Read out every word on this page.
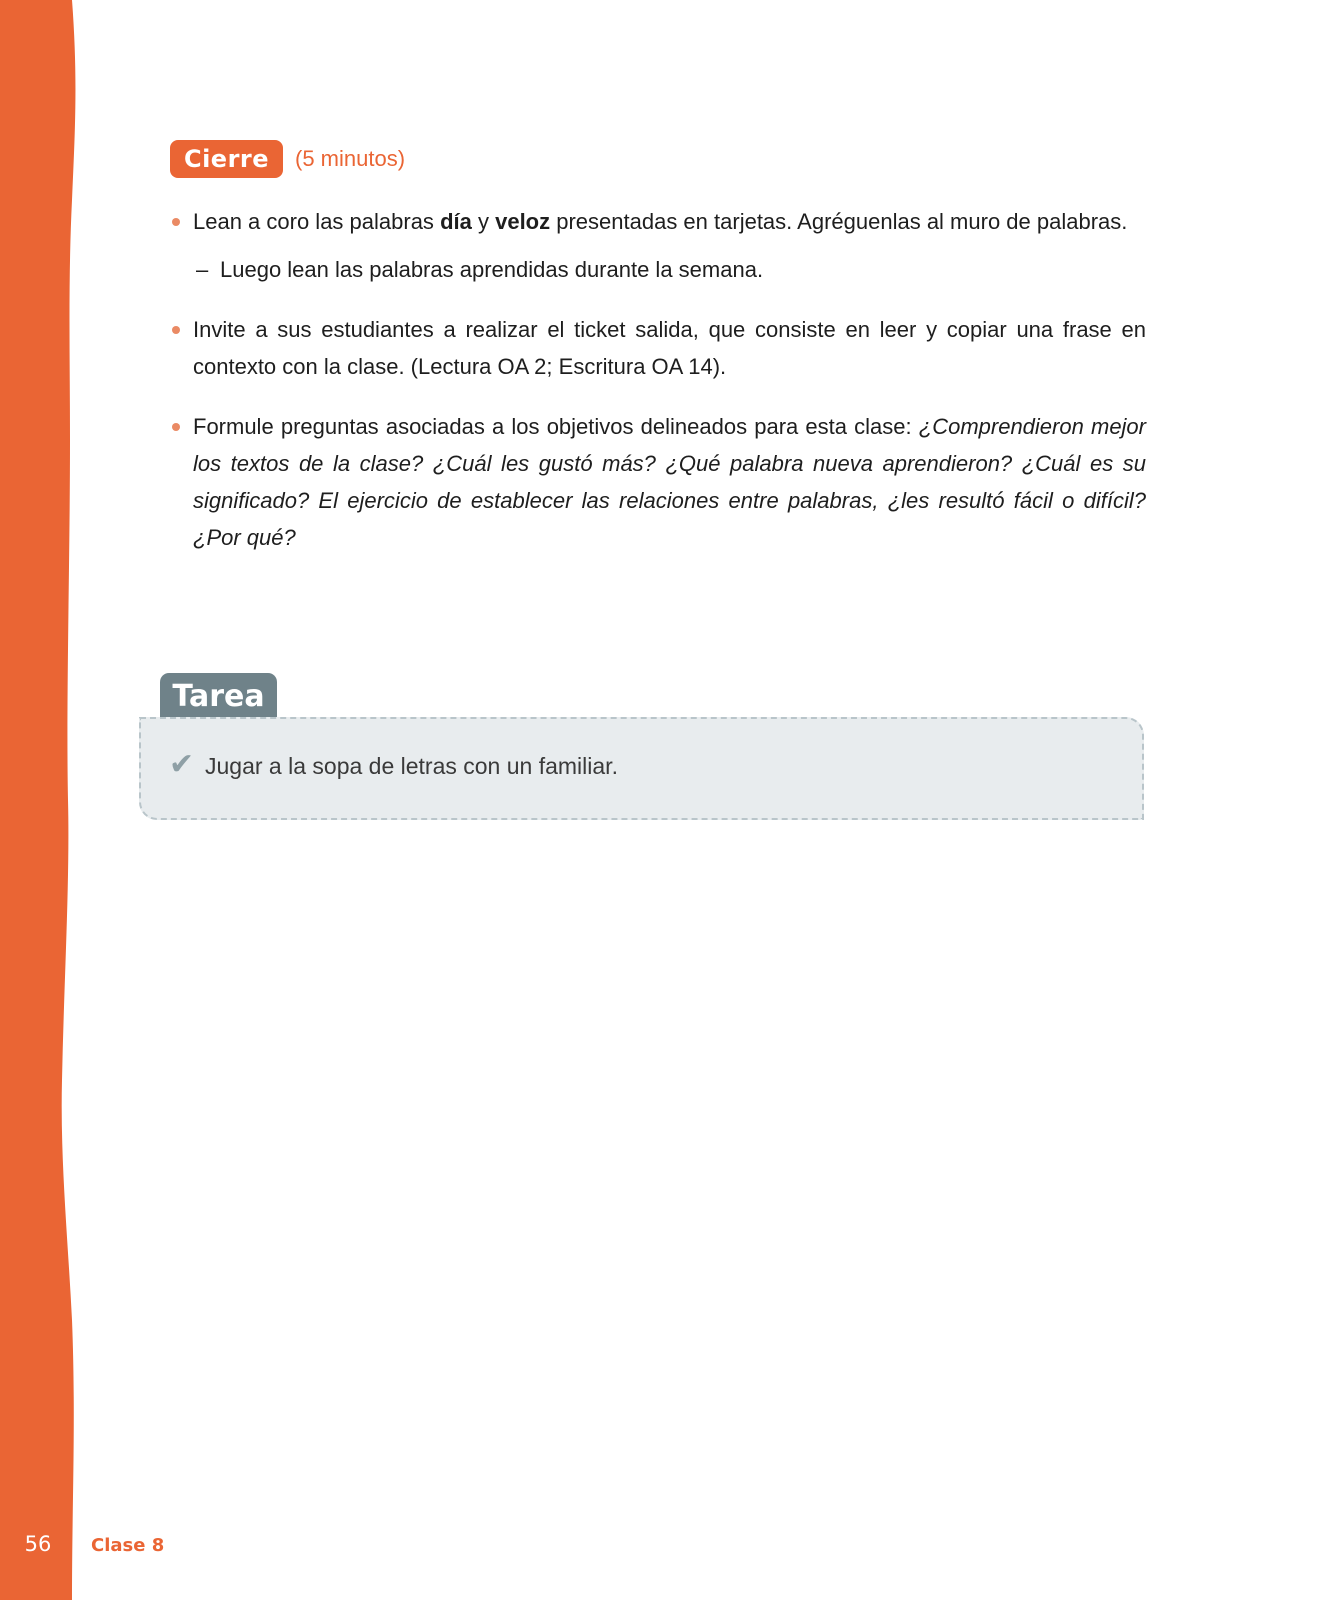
56	Clase 8
Cierre	(5 minutos)
Lean a coro las palabras día y veloz presentadas en tarjetas. Agréguenlas al muro de palabras.
– Luego lean las palabras aprendidas durante la semana.
Invite a sus estudiantes a realizar el ticket salida, que consiste en leer y copiar una frase en contexto con la clase. (Lectura OA 2; Escritura OA 14).
Formule preguntas asociadas a los objetivos delineados para esta clase: ¿Comprendieron mejor los textos de la clase? ¿Cuál les gustó más? ¿Qué palabra nueva aprendieron? ¿Cuál es su significado? El ejercicio de establecer las relaciones entre palabras, ¿les resultó fácil o difícil? ¿Por qué?
Tarea
✔ Jugar a la sopa de letras con un familiar.
